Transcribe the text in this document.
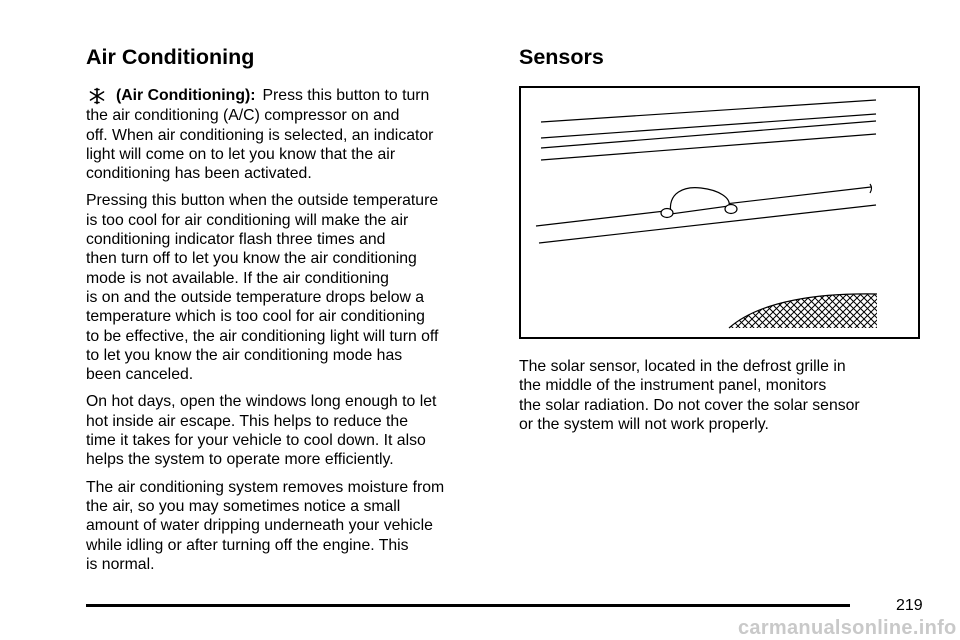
Air Conditioning
(Air Conditioning): Press this button to turn

the air conditioning (A/C) compressor on and
off. When air conditioning is selected, an indicator
light will come on to let you know that the air
conditioning has been activated.

Pressing this button when the outside temperature
is too cool for air conditioning will make the air
conditioning indicator flash three times and
then turn off to let you know the air conditioning
mode is not available. If the air conditioning
is on and the outside temperature drops below a
temperature which is too cool for air conditioning
to be effective, the air conditioning light will turn off
to let you know the air conditioning mode has
been canceled.

On hot days, open the windows long enough to let
hot inside air escape. This helps to reduce the
time it takes for your vehicle to cool down. It also
helps the system to operate more efficiently.

The air conditioning system removes moisture from
the air, so you may sometimes notice a small
amount of water dripping underneath your vehicle
while idling or after turning off the engine. This
is normal.

Sensors

The solar sensor, located in the defrost grille in
the middle of the instrument panel, monitors
the solar radiation. Do not cover the solar sensor
or the system will not work properly.

219
carmanualsonline.info
